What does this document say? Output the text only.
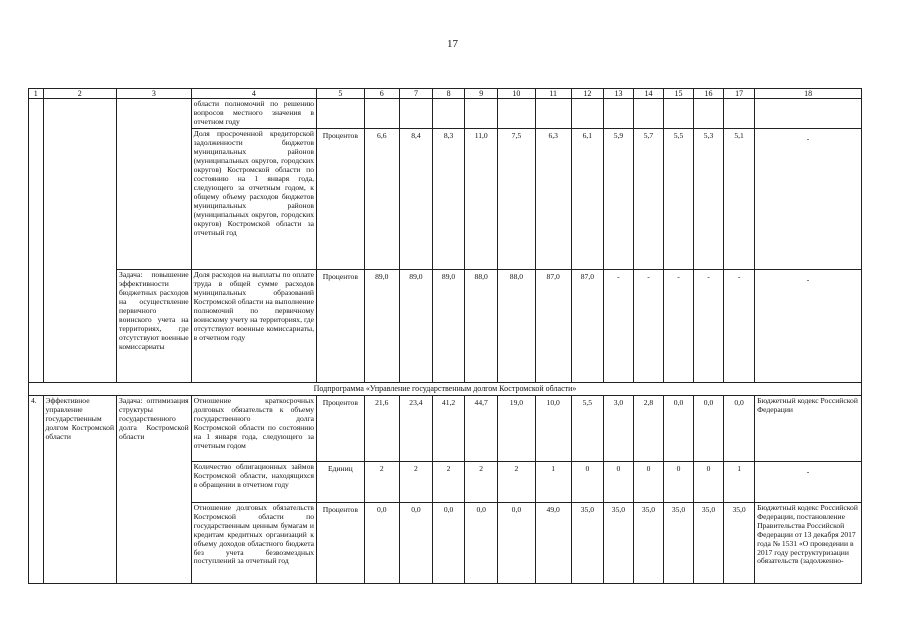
17
1	2	3	4	5	6	7	8	9	10	11	12	13	14	15	16	17	18
			области полномочий по решению вопросов местного значения в отчетном году														
			Доля просроченной кредиторской задолженности бюджетов муниципальных районов (муниципальных округов, городских округов) Костромской области по состоянию на 1 января года, следующего за отчетным годом, к общему объему расходов бюджетов муниципальных районов (муниципальных округов, городских округов) Костромской области за отчетный год	Процентов	6,6	8,4	8,3	11,0	7,5	6,3	6,1	5,9	5,7	5,5	5,3	5,1	-
		Задача: повышение эффективности бюджетных расходов на осуществление первичного воинского учета на территориях, где отсутствуют военные комиссариаты	Доля расходов на выплаты по оплате труда в общей сумме расходов муниципальных образований Костромской области на выполнение полномочий по первичному воинскому учету на территориях, где отсутствуют военные комиссариаты, в отчетном году	Процентов	89,0	89,0	89,0	88,0	88,0	87,0	87,0	-	-	-	-	-	-
Подпрограмма «Управление государственным долгом Костромской области»																	
4.	Эффективное управление государственным долгом Костромской области	Задача: оптимизация структуры государственного долга Костромской области	Отношение краткосрочных долговых обязательств к объему государственного долга Костромской области по состоянию на 1 января года, следующего за отчетным годом	Процентов	21,6	23,4	41,2	44,7	19,0	10,0	5,5	3,0	2,8	0,0	0,0	0,0	Бюджетный кодекс Российской Федерации
			Количество облигационных займов Костромской области, находящихся в обращении в отчетном году	Единиц	2	2	2	2	2	1	0	0	0	0	0	1	-
			Отношение долговых обязательств Костромской области по государственным ценным бумагам и кредитам кредитных организаций к объему доходов областного бюджета без учета безвозмездных поступлений за отчетный год	Процентов	0,0	0,0	0,0	0,0	0,0	49,0	35,0	35,0	35,0	35,0	35,0	35,0	Бюджетный кодекс Российской Федерации, постановление Правительства Российской Федерации от 13 декабря 2017 года № 1531 «О проведении в 2017 году реструктуризации обязательств (задолженно-
